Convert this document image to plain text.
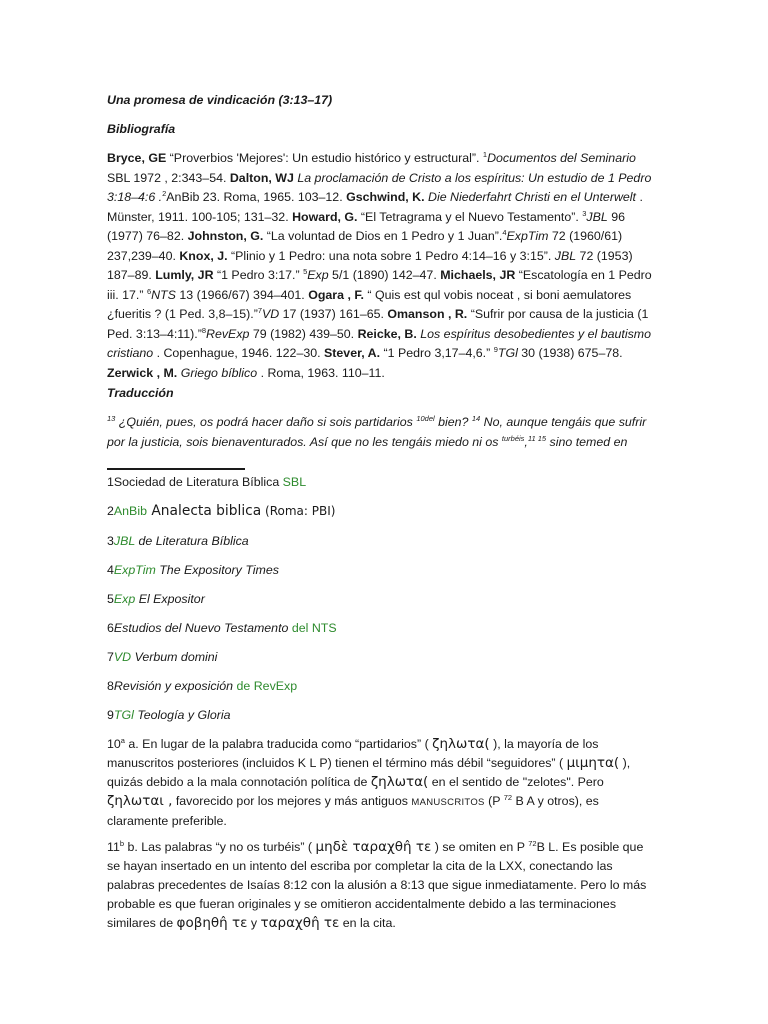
Una promesa de vindicación (3:13–17)

Bibliografía

Bryce, GE “Proverbios 'Mejores': Un estudio histórico y estructural”. $^1$Documentos del Seminario SBL 1972 , 2:343–54. Dalton, WJ La proclamación de Cristo a los espíritus: Un estudio de 1 Pedro 3:18–4:6 .$^2$AnBib 23. Roma, 1965. 103–12. Gschwind, K. Die Niederfahrt Christi en el Unterwelt . Münster, 1911. 100-105; 131–32. Howard, G. “El Tetragrama y el Nuevo Testamento”. $^3$JBL 96 (1977) 76–82. Johnston, G. “La voluntad de Dios en 1 Pedro y 1 Juan”.$^4$ExpTim 72 (1960/61) 237,239–40. Knox, J. “Plinio y 1 Pedro: una nota sobre 1 Pedro 4:14–16 y 3:15”. JBL 72 (1953) 187–89. Lumly, JR “1 Pedro 3:17.” $^5$Exp 5/1 (1890) 142–47. Michaels, JR “Escatología en 1 Pedro iii. 17.” $^6$NTS 13 (1966/67) 394–401. Ogara , F. “ Quis est qul vobis noceat , si boni aemulatores ¿fueritis ? (1 Ped. 3,8–15).”$^7$VD 17 (1937) 161–65. Omanson , R. “Sufrir por causa de la justicia (1 Ped. 3:13–4:11).”$^8$RevExp 79 (1982) 439–50. Reicke, B. Los espíritus desobedientes y el bautismo cristiano . Copenhague, 1946. 122–30. Stever, A. “1 Pedro 3,17–4,6.” $^9$TGl 30 (1938) 675–78. Zerwick , M. Griego bíblico . Roma, 1963. 110–11.

Traducción

$^{13}$ ¿Quién, pues, os podrá hacer daño si sois partidarios $^{10del}$ bien? $^{14}$ No, aunque tengáis que sufrir por la justicia, sois bienaventurados. Así que no les tengáis miedo ni os $^{turbéis}$,$^{11 15}$ sino temed en

1Sociedad de Literatura Bíblica SBL

2AnBib Analecta biblica (Roma: PBI)

3JBL de Literatura Bíblica

4ExpTim The Expository Times

5Exp El Expositor

6Estudios del Nuevo Testamento del NTS

7VD Verbum domini

8Revisión y exposición de RevExp

9TGl Teología y Gloria

10$^a$ a. En lugar de la palabra traducida como “partidarios” ( ζηλωτα( ), la mayoría de los manuscritos posteriores (incluidos K L P) tienen el término más débil “seguidores” ( μιμητα( ), quizás debido a la mala connotación política de ζηλωτα( en el sentido de "zelotes". Pero ζηλωται , favorecido por los mejores y más antiguos MANUSCRITOS (P $^{72}$ B A y otros), es claramente preferible.

11$^b$ b. Las palabras “y no os turbéis” ( μηδὲ ταραχθη̂ τε ) se omiten en P $^{72}$B L. Es posible que se hayan insertado en un intento del escriba por completar la cita de la LXX, conectando las palabras precedentes de Isaías 8:12 con la alusión a 8:13 que sigue inmediatamente. Pero lo más probable es que fueran originales y se omitieron accidentalmente debido a las terminaciones similares de φοβηθη̂ τε y ταραχθη̂ τε en la cita.
